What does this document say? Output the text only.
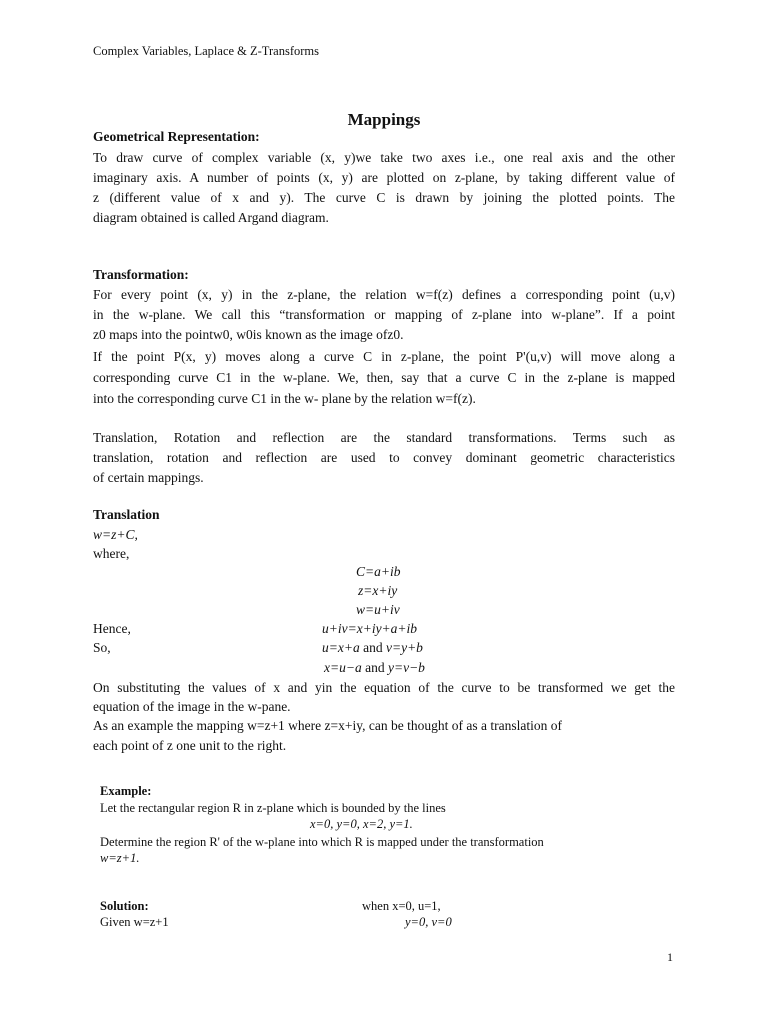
Complex Variables, Laplace & Z-Transforms
Mappings
Geometrical Representation:
To draw curve of complex variable (x, y)we take two axes i.e., one real axis and the other
imaginary axis. A number of points (x, y) are plotted on z-plane, by taking different value of
z (different value of x and y). The curve C is drawn by joining the plotted points. The
diagram obtained is called Argand diagram.
Transformation:
For every point (x, y) in the z-plane, the relation w=f(z) defines a corresponding point (u,v)
in the w-plane. We call this “transformation or mapping of z-plane into w-plane”. If a point
z0 maps into the pointw0, w0is known as the image ofz0.
If the point P(x, y) moves along a curve C in z-plane, the point P'(u,v) will move along a
corresponding curve C1 in the w-plane. We, then, say that a curve C in the z-plane is mapped
into the corresponding curve C1 in the w- plane by the relation w=f(z).
Translation, Rotation and reflection are the standard transformations. Terms such as
translation, rotation and reflection are used to convey dominant geometric characteristics
of certain mappings.
Translation
w=z+C,
where,
C=a+ib
z=x+iy
w=u+iv
Hence,	u+iv=x+iy+a+ib
So,	u=x+a and v=y+b
x=u−a and y=v−b
On substituting the values of x and yin the equation of the curve to be transformed we get the
equation of the image in the w-pane.
As an example the mapping w=z+1 where z=x+iy, can be thought of as a translation of
each point of z one unit to the right.
Example:
Let the rectangular region R in z-plane which is bounded by the lines
x=0, y=0, x=2, y=1.
Determine the region R' of the w-plane into which R is mapped under the transformation
w=z+1.
Solution:
Given w=z+1
when x=0, u=1,
y=0, v=0
1
